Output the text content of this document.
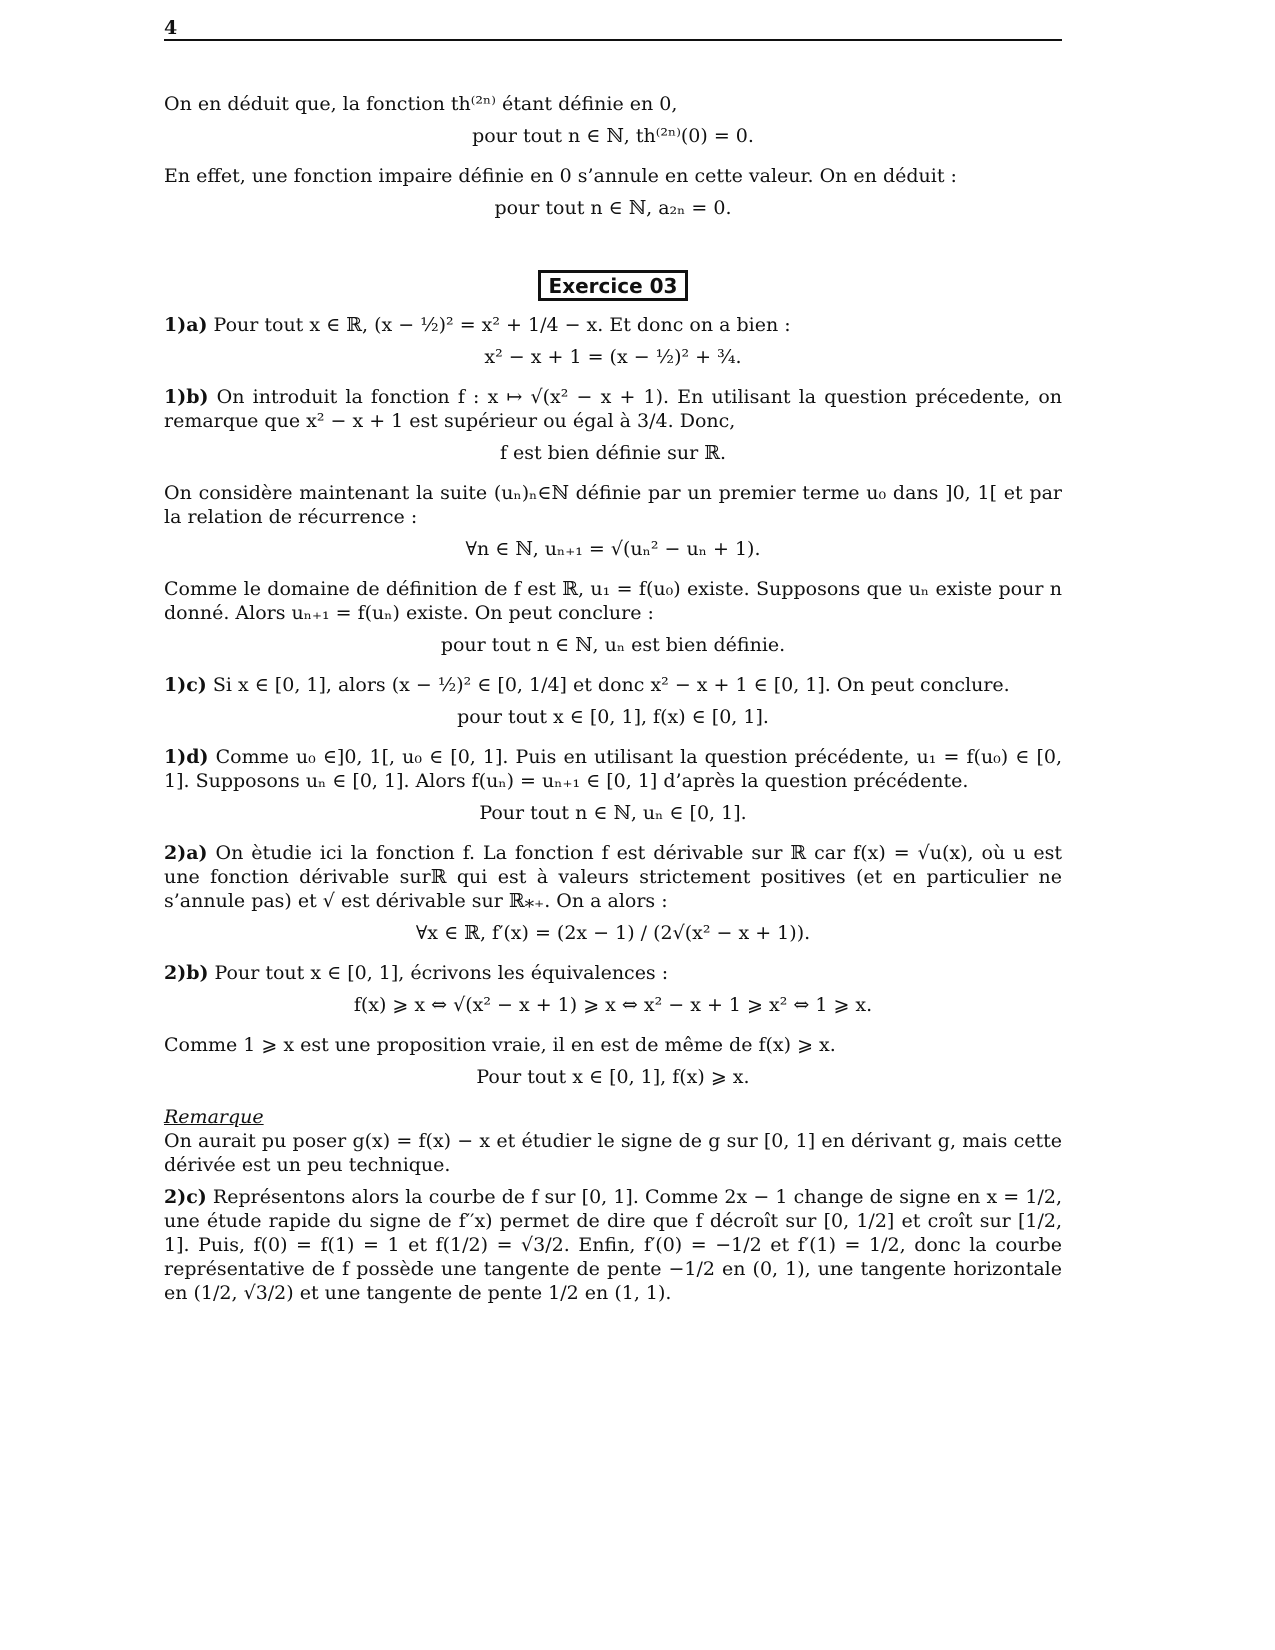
4

On en déduit que, la fonction th⁽²ⁿ⁾ étant définie en 0,

pour tout n ∈ ℕ, th⁽²ⁿ⁾(0) = 0.

En effet, une fonction impaire définie en 0 s’annule en cette valeur. On en déduit :

pour tout n ∈ ℕ, a₂ₙ = 0.
Exercice 03

1)a) Pour tout x ∈ ℝ, (x − ½)² = x² + 1/4 − x. Et donc on a bien :

x² − x + 1 = (x − ½)² + ¾.

1)b) On introduit la fonction f : x ↦ √(x² − x + 1). En utilisant la question précedente, on remarque que x² − x + 1 est supérieur ou égal à 3/4. Donc,

f est bien définie sur ℝ.

On considère maintenant la suite (uₙ)ₙ∈ℕ définie par un premier terme u₀ dans ]0, 1[ et par la relation de récurrence :

∀n ∈ ℕ, uₙ₊₁ = √(uₙ² − uₙ + 1).

Comme le domaine de définition de f est ℝ, u₁ = f(u₀) existe. Supposons que uₙ existe pour n donné. Alors uₙ₊₁ = f(uₙ) existe. On peut conclure :

pour tout n ∈ ℕ, uₙ est bien définie.

1)c) Si x ∈ [0, 1], alors (x − ½)² ∈ [0, 1/4] et donc x² − x + 1 ∈ [0, 1]. On peut conclure.

pour tout x ∈ [0, 1], f(x) ∈ [0, 1].

1)d) Comme u₀ ∈]0, 1[, u₀ ∈ [0, 1]. Puis en utilisant la question précédente, u₁ = f(u₀) ∈ [0, 1]. Supposons uₙ ∈ [0, 1]. Alors f(uₙ) = uₙ₊₁ ∈ [0, 1] d’après la question précédente.

Pour tout n ∈ ℕ, uₙ ∈ [0, 1].

2)a) On ètudie ici la fonction f. La fonction f est dérivable sur ℝ car f(x) = √u(x), où u est une fonction dérivable surℝ qui est à valeurs strictement positives (et en particulier ne s’annule pas) et √ est dérivable sur ℝ⁎₊. On a alors :

∀x ∈ ℝ, f′(x) = (2x − 1) / (2√(x² − x + 1)).

2)b) Pour tout x ∈ [0, 1], écrivons les équivalences :

f(x) ⩾ x ⇔ √(x² − x + 1) ⩾ x ⇔ x² − x + 1 ⩾ x² ⇔ 1 ⩾ x.

Comme 1 ⩾ x est une proposition vraie, il en est de même de f(x) ⩾ x.

Pour tout x ∈ [0, 1], f(x) ⩾ x.

Remarque

On aurait pu poser g(x) = f(x) − x et étudier le signe de g sur [0, 1] en dérivant g, mais cette dérivée est un peu technique.

2)c) Représentons alors la courbe de f sur [0, 1]. Comme 2x − 1 change de signe en x = 1/2, une étude rapide du signe de f′′x) permet de dire que f décroît sur [0, 1/2] et croît sur [1/2, 1]. Puis, f(0) = f(1) = 1 et f(1/2) = √3/2. Enfin, f′(0) = −1/2 et f′(1) = 1/2, donc la courbe représentative de f possède une tangente de pente −1/2 en (0, 1), une tangente horizontale en (1/2, √3/2) et une tangente de pente 1/2 en (1, 1).
